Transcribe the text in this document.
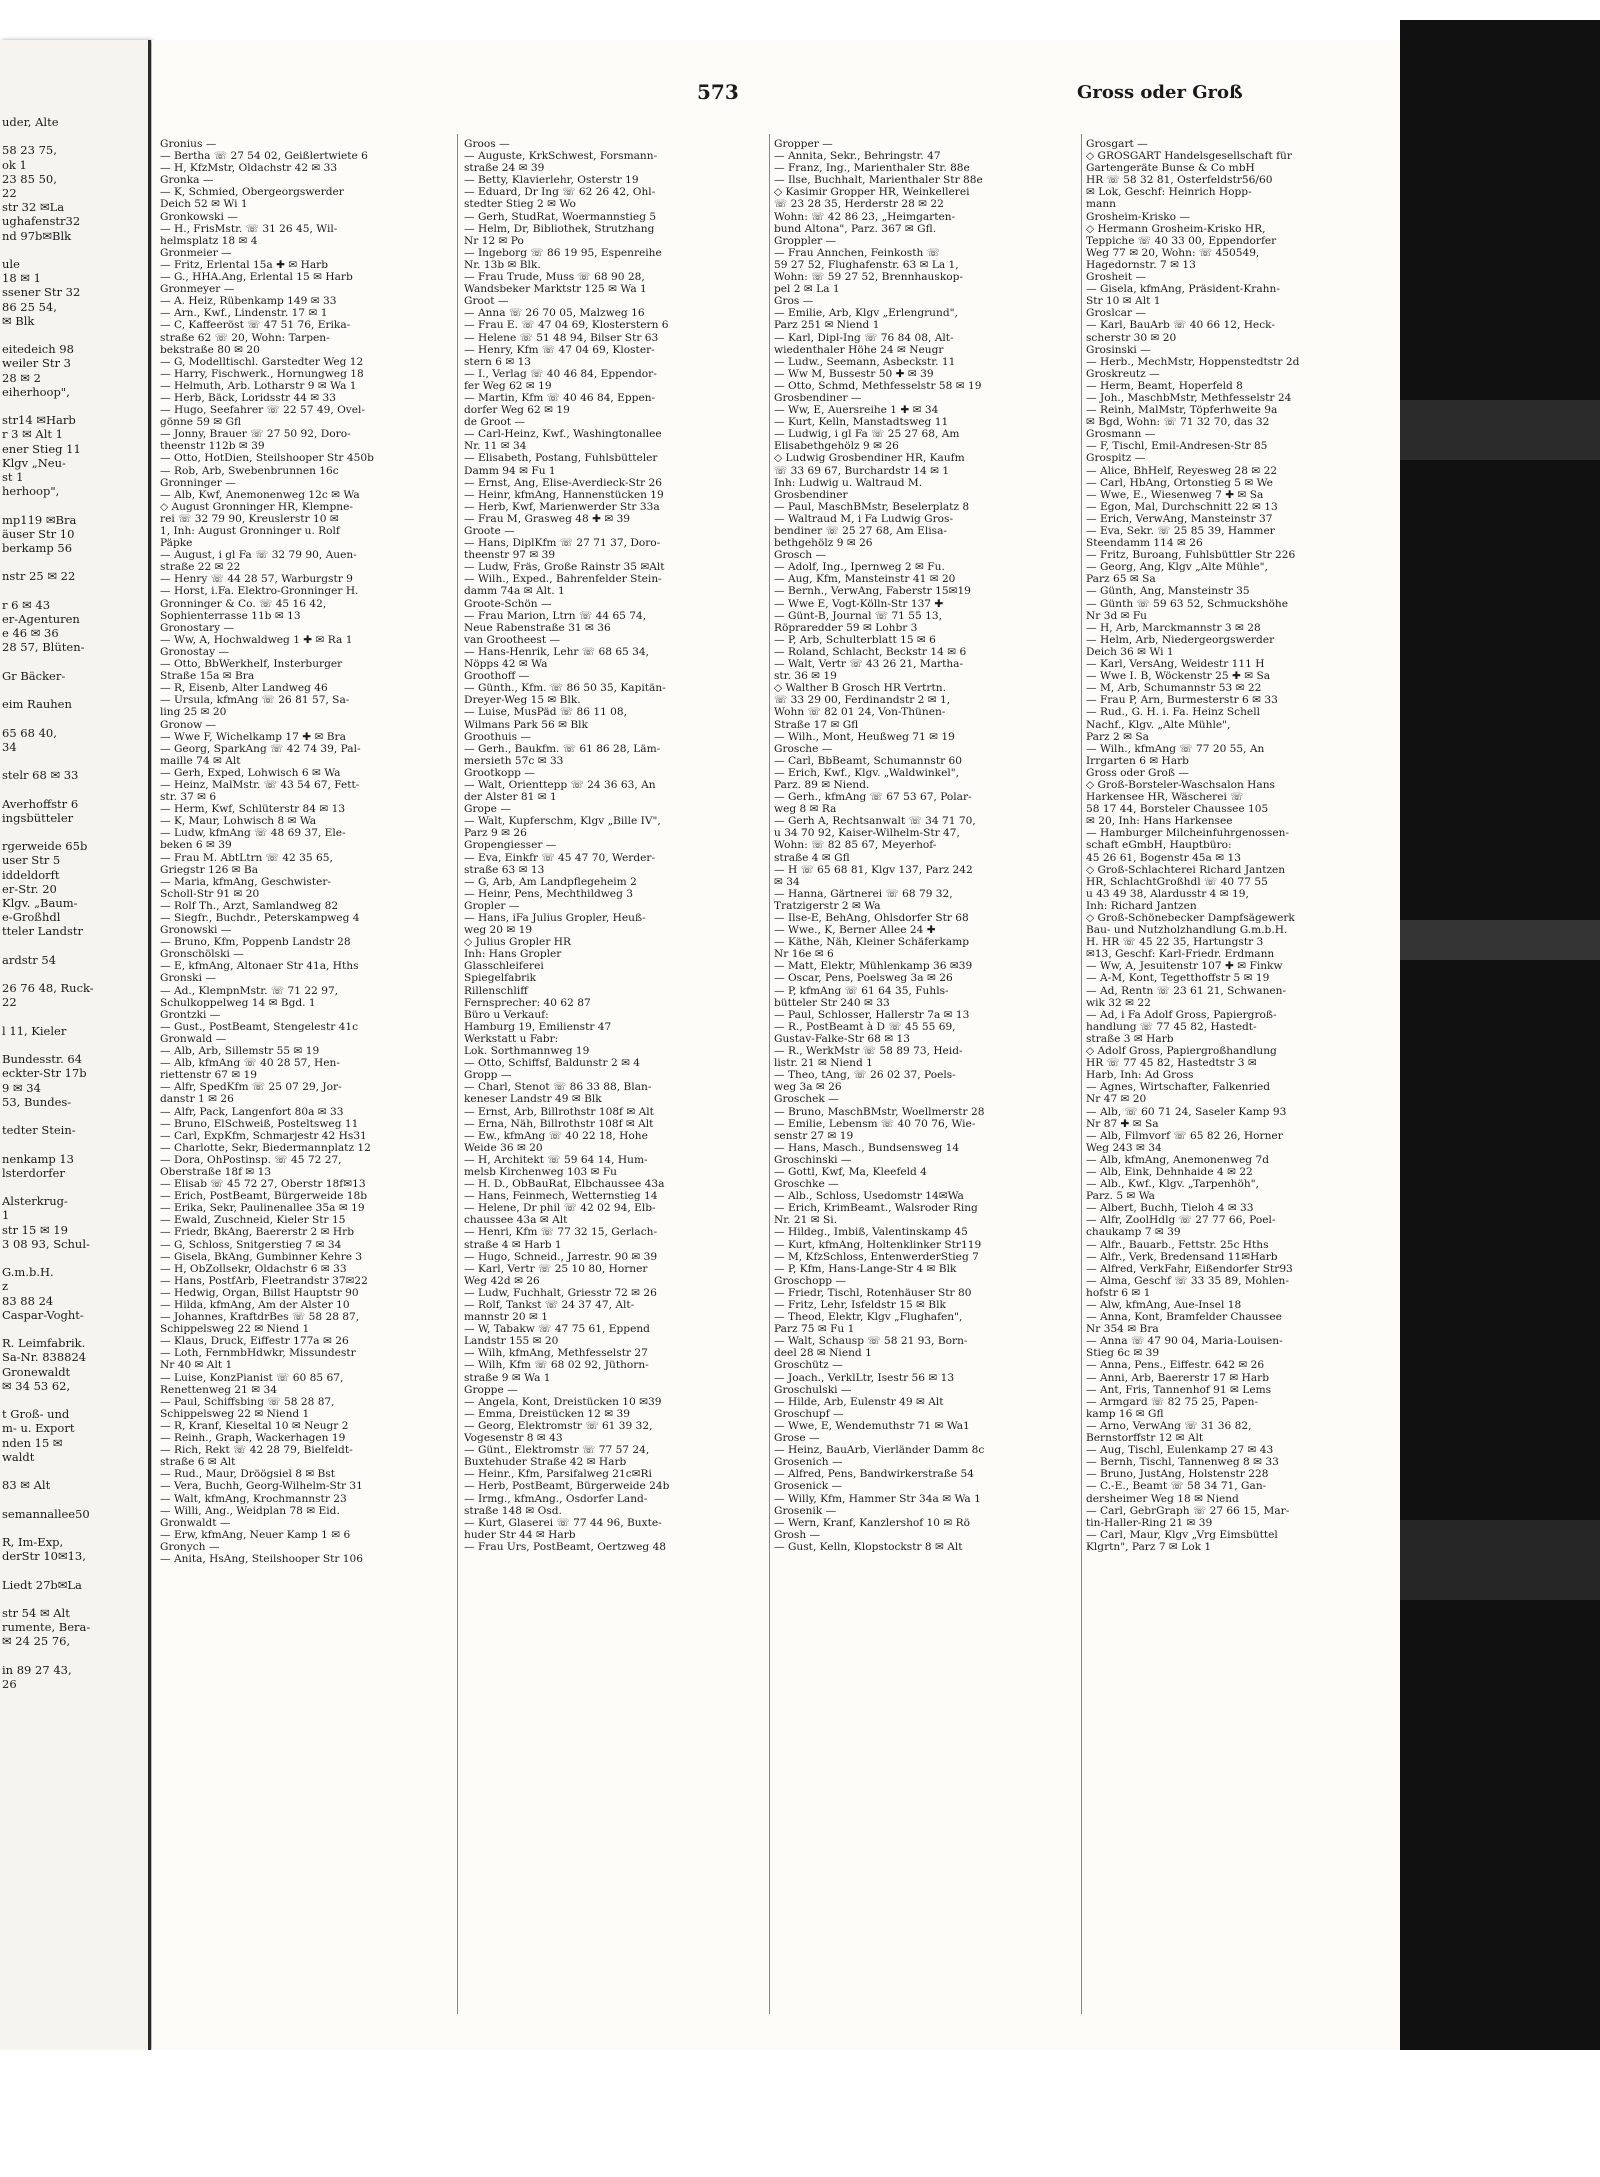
uder, Alte
58 23 75,
ok 1
23 85 50,
22
str 32 ✉La
ughafenstr32
nd 97b✉Blk
ule
18 ✉ 1
ssener Str 32
86 25 54,
✉ Blk
eitedeich 98
weiler Str 3
28 ✉ 2
eiherhoop",
str14 ✉Harb
r 3 ✉ Alt 1
ener Stieg 11
Klgv „Neu-
st 1
herhoop",
mp119 ✉Bra
äuser Str 10
berkamp 56
nstr 25 ✉ 22
r 6 ✉ 43
er-Agenturen
e 46 ✉ 36
28 57, Blüten-
Gr Bäcker-
eim Rauhen
65 68 40,
34
stelr 68 ✉ 33
Averhoffstr 6
ingsbütteler
rgerweide 65b
user Str 5
iddeldorft
er-Str. 20
Klgv. „Baum-
e-Großhdl
tteler Landstr
ardstr 54
26 76 48, Ruck-
22
l 11, Kieler
Bundesstr. 64
eckter-Str 17b
9 ✉ 34
53, Bundes-
tedter Stein-
nenkamp 13
lsterdorfer
Alsterkrug-
1
str 15 ✉ 19
3 08 93, Schul-
G.m.b.H.
z
83 88 24
Caspar-Voght-
R. Leimfabrik.
Sa-Nr. 838824
Gronewaldt
✉ 34 53 62,
t Groß- und
m- u. Export
nden 15 ✉
waldt
83 ✉ Alt
semannallee50
R, Im-Exp,
derStr 10✉13,
Liedt 27b✉La
str 54 ✉ Alt
rumente, Bera-
✉ 24 25 76,
in 89 27 43,
26
573	Gross oder Groß
Gronius —
— Bertha ☏ 27 54 02, Geißlertwiete 6
— H, KfzMstr, Oldachstr 42 ✉ 33
Gronka —
— K, Schmied, Obergeorgswerder
Deich 52 ✉ Wi 1
Gronkowski —
— H., FrisMstr. ☏ 31 26 45, Wil-
helmsplatz 18 ✉ 4
Gronmeier —
— Fritz, Erlental 15a ✚ ✉ Harb
— G., HHA.Ang, Erlental 15 ✉ Harb
Gronmeyer —
— A. Heiz, Rübenkamp 149 ✉ 33
— Arn., Kwf., Lindenstr. 17 ✉ 1
— C, Kaffeeröst ☏ 47 51 76, Erika-
straße 62 ☏ 20, Wohn: Tarpen-
bekstraße 80 ✉ 20
— G, Modelltischl. Garstedter Weg 12
— Harry, Fischwerk., Hornungweg 18
— Helmuth, Arb. Lotharstr 9 ✉ Wa 1
— Herb, Bäck, Loridsstr 44 ✉ 33
— Hugo, Seefahrer ☏ 22 57 49, Ovel-
gönne 59 ✉ Gfl
— Jonny, Brauer ☏ 27 50 92, Doro-
theenstr 112b ✉ 39
— Otto, HotDien, Steilshooper Str 450b
— Rob, Arb, Swebenbrunnen 16c
Gronninger —
— Alb, Kwf, Anemonenweg 12c ✉ Wa
◇ August Gronninger HR, Klempne-
rei ☏ 32 79 90, Kreuslerstr 10 ✉
1, Inh: August Gronninger u. Rolf
Päpke
— August, i gl Fa ☏ 32 79 90, Auen-
straße 22 ✉ 22
— Henry ☏ 44 28 57, Warburgstr 9
— Horst, i.Fa. Elektro-Gronninger H.
Gronninger & Co. ☏ 45 16 42,
Sophienterrasse 11b ✉ 13
Gronostary —
— Ww, A, Hochwaldweg 1 ✚ ✉ Ra 1
Gronostay —
— Otto, BbWerkhelf, Insterburger
Straße 15a ✉ Bra
— R, Eisenb, Alter Landweg 46
— Ursula, kfmAng ☏ 26 81 57, Sa-
ling 25 ✉ 20
Gronow —
— Wwe F, Wichelkamp 17 ✚ ✉ Bra
— Georg, SparkAng ☏ 42 74 39, Pal-
maille 74 ✉ Alt
— Gerh, Exped, Lohwisch 6 ✉ Wa
— Heinz, MalMstr. ☏ 43 54 67, Fett-
str. 37 ✉ 6
— Herm, Kwf, Schlüterstr 84 ✉ 13
— K, Maur, Lohwisch 8 ✉ Wa
— Ludw, kfmAng ☏ 48 69 37, Ele-
beken 6 ✉ 39
— Frau M. AbtLtrn ☏ 42 35 65,
Griegstr 126 ✉ Ba
— Maria, kfmAng, Geschwister-
Scholl-Str 91 ✉ 20
— Rolf Th., Arzt, Samlandweg 82
— Siegfr., Buchdr., Peterskampweg 4
Gronowski —
— Bruno, Kfm, Poppenb Landstr 28
Gronschölski —
— E, kfmAng, Altonaer Str 41a, Hths
Gronski —
— Ad., KlempnMstr. ☏ 71 22 97,
Schulkoppelweg 14 ✉ Bgd. 1
Grontzki —
— Gust., PostBeamt, Stengelestr 41c
Gronwald —
— Alb, Arb, Sillemstr 55 ✉ 19
— Alb, kfmAng ☏ 40 28 57, Hen-
riettenstr 67 ✉ 19
— Alfr, SpedKfm ☏ 25 07 29, Jor-
danstr 1 ✉ 26
— Alfr, Pack, Langenfort 80a ✉ 33
— Bruno, ElSchweiß, Posteltsweg 11
— Carl, ExpKfm, Schmarjestr 42 Hs31
— Charlotte, Sekr, Biedermannplatz 12
— Dora, OhPostinsp. ☏ 45 72 27,
Oberstraße 18f ✉ 13
— Elisab ☏ 45 72 27, Oberstr 18f✉13
— Erich, PostBeamt, Bürgerweide 18b
— Erika, Sekr, Paulinenallee 35a ✉ 19
— Ewald, Zuschneid, Kieler Str 15
— Friedr, BkAng, Baererstr 2 ✉ Hrb
— G, Schloss, Snitgerstieg 7 ✉ 34
— Gisela, BkAng, Gumbinner Kehre 3
— H, ObZollsekr, Oldachstr 6 ✉ 33
— Hans, PostfArb, Fleetrandstr 37✉22
— Hedwig, Organ, Billst Hauptstr 90
— Hilda, kfmAng, Am der Alster 10
— Johannes, KraftdrBes ☏ 58 28 87,
Schippelsweg 22 ✉ Niend 1
— Klaus, Druck, Eiffestr 177a ✉ 26
— Loth, FernmbHdwkr, Missundestr
Nr 40 ✉ Alt 1
— Luise, KonzPianist ☏ 60 85 67,
Renettenweg 21 ✉ 34
— Paul, Schiffsbing ☏ 58 28 87,
Schippelsweg 22 ✉ Niend 1
— R, Kranf, Kieseltal 10 ✉ Neugr 2
— Reinh., Graph, Wackerhagen 19
— Rich, Rekt ☏ 42 28 79, Bielfeldt-
straße 6 ✉ Alt
— Rud., Maur, Dröögsiel 8 ✉ Bst
— Vera, Buchh, Georg-Wilhelm-Str 31
— Walt, kfmAng, Krochmannstr 23
— Willi, Ang., Weidplan 78 ✉ Eid.
Gronwaldt —
— Erw, kfmAng, Neuer Kamp 1 ✉ 6
Gronych —
— Anita, HsAng, Steilshooper Str 106
Groos —
— Auguste, KrkSchwest, Forsmann-
straße 24 ✉ 39
— Betty, Klavierlehr, Osterstr 19
— Eduard, Dr Ing ☏ 62 26 42, Ohl-
stedter Stieg 2 ✉ Wo
— Gerh, StudRat, Woermannstieg 5
— Helm, Dr, Bibliothek, Strutzhang
Nr 12 ✉ Po
— Ingeborg ☏ 86 19 95, Espenreihe
Nr. 13b ✉ Blk.
— Frau Trude, Muss ☏ 68 90 28,
Wandsbeker Marktstr 125 ✉ Wa 1
Groot —
— Anna ☏ 26 70 05, Malzweg 16
— Frau E. ☏ 47 04 69, Klosterstern 6
— Helene ☏ 51 48 94, Bilser Str 63
— Henry, Kfm ☏ 47 04 69, Kloster-
stern 6 ✉ 13
— I., Verlag ☏ 40 46 84, Eppendor-
fer Weg 62 ✉ 19
— Martin, Kfm ☏ 40 46 84, Eppen-
dorfer Weg 62 ✉ 19
de Groot —
— Carl-Heinz, Kwf., Washingtonallee
Nr. 11 ✉ 34
— Elisabeth, Postang, Fuhlsbütteler
Damm 94 ✉ Fu 1
— Ernst, Ang, Elise-Averdieck-Str 26
— Heinr, kfmAng, Hannenstücken 19
— Herb, Kwf, Marienwerder Str 33a
— Frau M, Grasweg 48 ✚ ✉ 39
Groote —
— Hans, DiplKfm ☏ 27 71 37, Doro-
theenstr 97 ✉ 39
— Ludw, Fräs, Große Rainstr 35 ✉Alt
— Wilh., Exped., Bahrenfelder Stein-
damm 74a ✉ Alt. 1
Groote-Schön —
— Frau Marion, Ltrn ☏ 44 65 74,
Neue Rabenstraße 31 ✉ 36
van Grootheest —
— Hans-Henrik, Lehr ☏ 68 65 34,
Nöpps 42 ✉ Wa
Groothoff —
— Günth., Kfm. ☏ 86 50 35, Kapitän-
Dreyer-Weg 15 ✉ Blk.
— Luise, MusPäd ☏ 86 11 08,
Wilmans Park 56 ✉ Blk
Groothuis —
— Gerh., Baukfm. ☏ 61 86 28, Läm-
mersieth 57c ✉ 33
Grootkopp —
— Walt, Orienttepp ☏ 24 36 63, An
der Alster 81 ✉ 1
Grope —
— Walt, Kupferschm, Klgv „Bille IV",
Parz 9 ✉ 26
Gropengiesser —
— Eva, Einkfr ☏ 45 47 70, Werder-
straße 63 ✉ 13
— G, Arb, Am Landpflegeheim 2
— Heinr, Pens, Mechthildweg 3
Gropler —
— Hans, iFa Julius Gropler, Heuß-
weg 20 ✉ 19
◇ Julius Gropler HR
Inh: Hans Gropler
Glasschleiferei
Spiegelfabrik
Rillenschliff
Fernsprecher: 40 62 87
Büro u Verkauf:
Hamburg 19, Emilienstr 47
Werkstatt u Fabr:
Lok. Sorthmannweg 19
— Otto, Schiffsf, Baldunstr 2 ✉ 4
Gropp —
— Charl, Stenot ☏ 86 33 88, Blan-
keneser Landstr 49 ✉ Blk
— Ernst, Arb, Billrothstr 108f ✉ Alt
— Erna, Näh, Billrothstr 108f ✉ Alt
— Ew., kfmAng ☏ 40 22 18, Hohe
Weide 36 ✉ 20
— H, Architekt ☏ 59 64 14, Hum-
melsb Kirchenweg 103 ✉ Fu
— H. D., ObBauRat, Elbchaussee 43a
— Hans, Feinmech, Wetternstieg 14
— Helene, Dr phil ☏ 42 02 94, Elb-
chaussee 43a ✉ Alt
— Henri, Kfm ☏ 77 32 15, Gerlach-
straße 4 ✉ Harb 1
— Hugo, Schneid., Jarrestr. 90 ✉ 39
— Karl, Vertr ☏ 25 10 80, Horner
Weg 42d ✉ 26
— Ludw, Fuchhalt, Griesstr 72 ✉ 26
— Rolf, Tankst ☏ 24 37 47, Alt-
mannstr 20 ✉ 1
— W, Tabakw ☏ 47 75 61, Eppend
Landstr 155 ✉ 20
— Wilh, kfmAng, Methfesselstr 27
— Wilh, Kfm ☏ 68 02 92, Jüthorn-
straße 9 ✉ Wa 1
Groppe —
— Angela, Kont, Dreistücken 10 ✉39
— Emma, Dreistücken 12 ✉ 39
— Georg, Elektromstr ☏ 61 39 32,
Vogesenstr 8 ✉ 43
— Günt., Elektromstr ☏ 77 57 24,
Buxtehuder Straße 42 ✉ Harb
— Heinr., Kfm, Parsifalweg 21c✉Ri
— Herb, PostBeamt, Bürgerweide 24b
— Irmg., kfmAng., Osdorfer Land-
straße 148 ✉ Osd.
— Kurt, Glaserei ☏ 77 44 96, Buxte-
huder Str 44 ✉ Harb
— Frau Urs, PostBeamt, Oertzweg 48
Gropper —
— Annita, Sekr., Behringstr. 47
— Franz, Ing., Marienthaler Str. 88e
— Ilse, Buchhalt, Marienthaler Str 88e
◇ Kasimir Gropper HR, Weinkellerei
☏ 23 28 35, Herderstr 28 ✉ 22
Wohn: ☏ 42 86 23, „Heimgarten-
bund Altona", Parz. 367 ✉ Gfl.
Groppler —
— Frau Annchen, Feinkosth ☏
59 27 52, Flughafenstr. 63 ✉ La 1,
Wohn: ☏ 59 27 52, Brennhauskop-
pel 2 ✉ La 1
Gros —
— Emilie, Arb, Klgv „Erlengrund",
Parz 251 ✉ Niend 1
— Karl, Dipl-Ing ☏ 76 84 08, Alt-
wiedenthaler Höhe 24 ✉ Neugr
— Ludw., Seemann, Asbeckstr. 11
— Ww M, Bussestr 50 ✚ ✉ 39
— Otto, Schmd, Methfesselstr 58 ✉ 19
Grosbendiner —
— Ww, E, Auersreihe 1 ✚ ✉ 34
— Kurt, Kelln, Manstadtsweg 11
— Ludwig, i gl Fa ☏ 25 27 68, Am
Elisabethgehölz 9 ✉ 26
◇ Ludwig Grosbendiner HR, Kaufm
☏ 33 69 67, Burchardstr 14 ✉ 1
Inh: Ludwig u. Waltraud M.
Grosbendiner
— Paul, MaschBMstr, Beselerplatz 8
— Waltraud M, i Fa Ludwig Gros-
bendiner ☏ 25 27 68, Am Elisa-
bethgehölz 9 ✉ 26
Grosch —
— Adolf, Ing., Ipernweg 2 ✉ Fu.
— Aug, Kfm, Mansteinstr 41 ✉ 20
— Bernh., VerwAng, Faberstr 15✉19
— Wwe E, Vogt-Kölln-Str 137 ✚
— Günt-B, Journal ☏ 71 55 13,
Röpraredder 59 ✉ Lohbr 3
— P, Arb, Schulterblatt 15 ✉ 6
— Roland, Schlacht, Beckstr 14 ✉ 6
— Walt, Vertr ☏ 43 26 21, Martha-
str. 36 ✉ 19
◇ Walther B Grosch HR Vertrtn.
☏ 33 29 00, Ferdinandstr 2 ✉ 1,
Wohn ☏ 82 01 24, Von-Thünen-
Straße 17 ✉ Gfl
— Wilh., Mont, Heußweg 71 ✉ 19
Grosche —
— Carl, BbBeamt, Schumannstr 60
— Erich, Kwf., Klgv. „Waldwinkel",
Parz. 89 ✉ Niend.
— Gerh., kfmAng ☏ 67 53 67, Polar-
weg 8 ✉ Ra
— Gerh A, Rechtsanwalt ☏ 34 71 70,
u 34 70 92, Kaiser-Wilhelm-Str 47,
Wohn: ☏ 82 85 67, Meyerhof-
straße 4 ✉ Gfl
— H ☏ 65 68 81, Klgv 137, Parz 242
✉ 34
— Hanna, Gärtnerei ☏ 68 79 32,
Tratzigerstr 2 ✉ Wa
— Ilse-E, BehAng, Ohlsdorfer Str 68
— Wwe., K, Berner Allee 24 ✚
— Käthe, Näh, Kleiner Schäferkamp
Nr 16e ✉ 6
— Matt, Elektr, Mühlenkamp 36 ✉39
— Oscar, Pens, Poelsweg 3a ✉ 26
— P, kfmAng ☏ 61 64 35, Fuhls-
bütteler Str 240 ✉ 33
— Paul, Schlosser, Hallerstr 7a ✉ 13
— R., PostBeamt à D ☏ 45 55 69,
Gustav-Falke-Str 68 ✉ 13
— R., WerkMstr ☏ 58 89 73, Heid-
listr. 21 ✉ Niend 1
— Theo, tAng, ☏ 26 02 37, Poels-
weg 3a ✉ 26
Groschek —
— Bruno, MaschBMstr, Woellmerstr 28
— Emilie, Lebensm ☏ 40 70 76, Wie-
senstr 27 ✉ 19
— Hans, Masch., Bundsensweg 14
Groschinski —
— Gottl, Kwf, Ma, Kleefeld 4
Groschke —
— Alb., Schloss, Usedomstr 14✉Wa
— Erich, KrimBeamt., Walsroder Ring
Nr. 21 ✉ Si.
— Hildeg., Imbiß, Valentinskamp 45
— Kurt, kfmAng, Holtenklinker Str119
— M, KfzSchloss, EntenwerderStieg 7
— P, Kfm, Hans-Lange-Str 4 ✉ Blk
Groschopp —
— Friedr, Tischl, Rotenhäuser Str 80
— Fritz, Lehr, Isfeldstr 15 ✉ Blk
— Theod, Elektr, Klgv „Flughafen",
Parz 75 ✉ Fu 1
— Walt, Schausp ☏ 58 21 93, Born-
deel 28 ✉ Niend 1
Groschütz —
— Joach., VerklLtr, Isestr 56 ✉ 13
Groschulski —
— Hilde, Arb, Eulenstr 49 ✉ Alt
Groschupf —
— Wwe, E, Wendemuthstr 71 ✉ Wa1
Grose —
— Heinz, BauArb, Vierländer Damm 8c
Grosenich —
— Alfred, Pens, Bandwirkerstraße 54
Grosenick —
— Willy, Kfm, Hammer Str 34a ✉ Wa 1
Grosenik —
— Wern, Kranf, Kanzlershof 10 ✉ Rö
Grosh —
— Gust, Kelln, Klopstockstr 8 ✉ Alt
Grosgart —
◇ GROSGART Handelsgesellschaft für
Gartengeräte Bunse & Co mbH
HR ☏ 58 32 81, Osterfeldstr56/60
✉ Lok, Geschf: Heinrich Hopp-
mann
Grosheim-Krisko —
◇ Hermann Grosheim-Krisko HR,
Teppiche ☏ 40 33 00, Eppendorfer
Weg 77 ✉ 20, Wohn: ☏ 450549,
Hagedornstr. 7 ✉ 13
Grosheit —
— Gisela, kfmAng, Präsident-Krahn-
Str 10 ✉ Alt 1
Groslcar —
— Karl, BauArb ☏ 40 66 12, Heck-
scherstr 30 ✉ 20
Grosinski —
— Herb., MechMstr, Hoppenstedtstr 2d
Groskreutz —
— Herm, Beamt, Hoperfeld 8
— Joh., MaschbMstr, Methfesselstr 24
— Reinh, MalMstr, Töpferhweite 9a
✉ Bgd, Wohn: ☏ 71 32 70, das 32
Grosmann —
— F, Tischl, Emil-Andresen-Str 85
Grospitz —
— Alice, BhHelf, Reyesweg 28 ✉ 22
— Carl, HbAng, Ortonstieg 5 ✉ We
— Wwe, E., Wiesenweg 7 ✚ ✉ Sa
— Egon, Mal, Durchschnitt 22 ✉ 13
— Erich, VerwAng, Mansteinstr 37
— Eva, Sekr. ☏ 25 85 39, Hammer
Steendamm 114 ✉ 26
— Fritz, Buroang, Fuhlsbüttler Str 226
— Georg, Ang, Klgv „Alte Mühle",
Parz 65 ✉ Sa
— Günth, Ang, Mansteinstr 35
— Günth ☏ 59 63 52, Schmuckshöhe
Nr 3d ✉ Fu
— H, Arb, Marckmannstr 3 ✉ 28
— Helm, Arb, Niedergeorgswerder
Deich 36 ✉ Wi 1
— Karl, VersAng, Weidestr 111 H
— Wwe I. B, Wöckenstr 25 ✚ ✉ Sa
— M, Arb, Schumannstr 53 ✉ 22
— Frau P, Arn, Burmesterstr 6 ✉ 33
— Rud., G. H. i. Fa. Heinz Schell
Nachf., Klgv. „Alte Mühle",
Parz 2 ✉ Sa
— Wilh., kfmAng ☏ 77 20 55, An
Irrgarten 6 ✉ Harb
Gross oder Groß —
◇ Groß-Borsteler-Waschsalon Hans
Harkensee HR, Wäscherei ☏
58 17 44, Borsteler Chaussee 105
✉ 20, Inh: Hans Harkensee
— Hamburger Milcheinfuhrgenossen-
schaft eGmbH, Hauptbüro:
45 26 61, Bogenstr 45a ✉ 13
◇ Groß-Schlachterei Richard Jantzen
HR, SchlachtGroßhdl ☏ 40 77 55
u 43 49 38, Alardusstr 4 ✉ 19,
Inh: Richard Jantzen
◇ Groß-Schönebecker Dampfsägewerk
Bau- und Nutzholzhandlung G.m.b.H.
H. HR ☏ 45 22 35, Hartungstr 3
✉13, Geschf: Karl-Friedr. Erdmann
— Ww, A, Jesuitenstr 107 ✚ ✉ Finkw
— A-M, Kont, Tegetthoffstr 5 ✉ 19
— Ad, Rentn ☏ 23 61 21, Schwanen-
wik 32 ✉ 22
— Ad, i Fa Adolf Gross, Papiergroß-
handlung ☏ 77 45 82, Hastedt-
straße 3 ✉ Harb
◇ Adolf Gross, Papiergroßhandlung
HR ☏ 77 45 82, Hastedtstr 3 ✉
Harb, Inh: Ad Gross
— Agnes, Wirtschafter, Falkenried
Nr 47 ✉ 20
— Alb, ☏ 60 71 24, Saseler Kamp 93
Nr 87 ✚ ✉ Sa
— Alb, Filmvorf ☏ 65 82 26, Horner
Weg 243 ✉ 34
— Alb, kfmAng, Anemonenweg 7d
— Alb, Eink, Dehnhaide 4 ✉ 22
— Alb., Kwf., Klgv. „Tarpenhöh",
Parz. 5 ✉ Wa
— Albert, Buchh, Tieloh 4 ✉ 33
— Alfr, ZoolHdlg ☏ 27 77 66, Poel-
chaukamp 7 ✉ 39
— Alfr., Bauarb., Fettstr. 25c Hths
— Alfr., Verk, Bredensand 11✉Harb
— Alfred, VerkFahr, Eißendorfer Str93
— Alma, Geschf ☏ 33 35 89, Mohlen-
hofstr 6 ✉ 1
— Alw, kfmAng, Aue-Insel 18
— Anna, Kont, Bramfelder Chaussee
Nr 354 ✉ Bra
— Anna ☏ 47 90 04, Maria-Louisen-
Stieg 6c ✉ 39
— Anna, Pens., Eiffestr. 642 ✉ 26
— Anni, Arb, Baererstr 17 ✉ Harb
— Ant, Fris, Tannenhof 91 ✉ Lems
— Armgard ☏ 82 75 25, Papen-
kamp 16 ✉ Gfl
— Arno, VerwAng ☏ 31 36 82,
Bernstorffstr 12 ✉ Alt
— Aug, Tischl, Eulenkamp 27 ✉ 43
— Bernh, Tischl, Tannenweg 8 ✉ 33
— Bruno, JustAng, Holstenstr 228
— C.-E., Beamt ☏ 58 34 71, Gan-
dersheimer Weg 18 ✉ Niend
— Carl, GebrGraph ☏ 27 66 15, Mar-
tin-Haller-Ring 21 ✉ 39
— Carl, Maur, Klgv „Vrg Eimsbüttel
Klgrtn", Parz 7 ✉ Lok 1
